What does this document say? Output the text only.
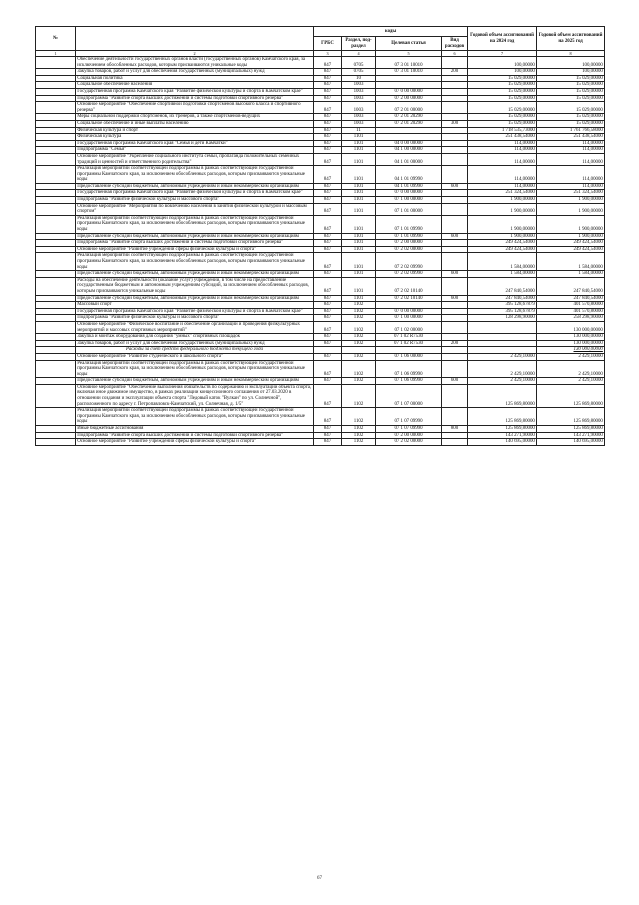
№		коды				Годовой объем ассигнований на 2024 год	Годовой объем ассигнований на 2025 год
		ГРБС	Раздел, под-раздел	Целевая статья	Вид расходов		
1	2	3	4	5	6	7	8
	Обеспечение деятельности государственных органов власти (государственных органов) Камчатского края, за исключением обособленных расходов, которым присваиваются уникальные коды	847	0705	07 3 01 10010		100,00000	100,00000
	Закупка товаров, работ и услуг для обеспечения государственных (муниципальных) нужд	847	0705	07 3 01 10010	200	100,00000	100,00000
	Социальная политика	847	10			15 029,00000	15 029,00000
	Социальное обеспечение населения	847	1003			15 029,00000	15 029,00000
	Государственная программа Камчатского края "Развитие физической культуры и спорта в Камчатском крае"	847	1003	07 0 00 00000		15 029,00000	15 029,00000
	Подпрограмма "Развитие спорта высших достижений и системы подготовки спортивного резерва"	847	1003	07 2 00 00000		15 029,00000	15 029,00000
	Основное мероприятие "Обеспечение спортивной подготовки спортсменов высокого класса и спортивного резерва"	847	1003	07 2 01 00000		15 029,00000	15 029,00000
	Меры социальной поддержки спортсменов, их тренеров, а также спортсменов-ведущих	847	1003	07 2 01 20290		15 029,00000	15 029,00000
	Социальное обеспечение и иные выплаты населению	847	1003	07 2 01 20290	300	15 029,00000	15 029,00000
	Физическая культура и спорт	847	11			1 718 535,73000	1 761 766,58000
	Физическая культура	847	1101			251 438,54000	251 438,54000
	Государственная программа Камчатского края "Семья и дети Камчатки"	847	1101	04 0 00 00000		114,00000	114,00000
	Подпрограмма "Семья"	847	1101	04 1 00 00000		114,00000	114,00000
	Основное мероприятие "Укрепление социального института семьи, пропаганда положительных семейных традиций и ценностей и ответственного родительства"	847	1101	04 1 01 00000		114,00000	114,00000
	Реализация мероприятий соответствующей подпрограммы в рамках соответствующей государственной программы Камчатского края, за исключением обособленных расходов, которым присваиваются уникальные коды	847	1101	04 1 01 09990		114,00000	114,00000
	Предоставление субсидий бюджетным, автономным учреждениям и иным некоммерческим организациям	847	1101	04 1 01 09990	600	114,00000	114,00000
	Государственная программа Камчатского края "Развитие физической культуры и спорта в Камчатском крае"	847	1101	07 0 00 00000		251 324,54000	251 324,54000
	Подпрограмма "Развитие физической культуры и массового спорта"	847	1101	07 1 00 00000		1 900,00000	1 900,00000
	Основное мероприятие "Мероприятия по вовлечению населения в занятия физической культурой и массовым спортом"	847	1101	07 1 01 00000		1 900,00000	1 900,00000
	Реализация мероприятий соответствующей подпрограммы в рамках соответствующей государственной программы Камчатского края, за исключением обособленных расходов, которым присваиваются уникальные коды	847	1101	07 1 01 09990		1 900,00000	1 900,00000
	Предоставление субсидий бюджетным, автономным учреждениям и иным некоммерческим организациям	847	1101	07 1 01 09990	600	1 900,00000	1 900,00000
	Подпрограмма "Развитие спорта высших достижений и системы подготовки спортивного резерва"	847	1101	07 2 00 00000		249 424,54000	249 424,54000
	Основное мероприятие "Развитие учреждений сферы физической культуры и спорта"	847	1101	07 2 02 00000		249 424,54000	249 424,54000
	Реализация мероприятий соответствующей подпрограммы в рамках соответствующей государственной программы Камчатского края, за исключением обособленных расходов, которым присваиваются уникальные коды	847	1101	07 2 02 09990		1 584,00000	1 584,00000
	Предоставление субсидий бюджетным, автономным учреждениям и иным некоммерческим организациям	847	1101	07 2 02 09990	600	1 584,00000	1 584,00000
	Расходы на обеспечение деятельности (оказание услуг) учреждений, в том числе на предоставление государственным бюджетным и автономным учреждениям субсидий, за исключением обособленных расходов, которым присваиваются уникальные коды	847	1101	07 2 02 10140		247 840,54000	247 840,54000
	Предоставление субсидий бюджетным, автономным учреждениям и иным некоммерческим организациям	847	1101	07 2 02 10140	600	247 840,54000	247 840,54000
	Массовый спорт	847	1102			395 128,67879	401 570,80000
	Государственная программа Камчатского края "Развитие физической культуры и спорта в Камчатском крае"	847	1102	07 0 00 00000		395 128,67879	401 570,80000
	Подпрограмма "Развитие физической культуры и массового спорта"	847	1102	07 1 00 00000		128 298,90000	258 298,90000
	Основное мероприятие "Физическое воспитание и обеспечение организации и проведения физкультурных мероприятий и массовых спортивных мероприятий"	847	1102	07 1 02 00000			130 000,00000
	Закупка и монтаж оборудования для создания "умных" спортивных площадок	847	1102	07 1 02 R7530			130 000,00000
	Закупка товаров, работ и услуг для обеспечения государственных (муниципальных) нужд	847	1102	07 1 02 R7530	200		130 000,00000
	Расходы за счет средств федерального бюджета текущего года						130 000,00000
	Основное мероприятие "Развитие студенческого и школьного спорта"	847	1102	07 1 06 00000		2 429,10000	2 429,10000
	Реализация мероприятий соответствующей подпрограммы в рамках соответствующей государственной программы Камчатского края, за исключением обособленных расходов, которым присваиваются уникальные коды	847	1102	07 1 06 09990		2 429,10000	2 429,10000
	Предоставление субсидий бюджетным, автономным учреждениям и иным некоммерческим организациям	847	1102	07 1 06 09990	600	2 429,10000	2 429,10000
	Основное мероприятие "Обеспечение выполнения обязательств по содержанию и эксплуатации объекта спорта, включая иное движимое имущество, в рамках реализации концессионного соглашения от 27.03.2020 в отношении создания и эксплуатации объекта спорта "Ледовый каток "Вулкан" по ул. Солнечной", расположенного по адресу г. Петропавловск-Камчатский, ул. Солнечная, д. 1/5"	847	1102	07 1 07 00000		125 869,80000	125 869,80000
	Реализация мероприятий соответствующей подпрограммы в рамках соответствующей государственной программы Камчатского края, за исключением обособленных расходов, которым присваиваются уникальные коды	847	1102	07 1 07 09990		125 869,80000	125 869,80000
	Иные бюджетные ассигнования	847	1102	07 1 07 09990	800	125 869,80000	125 869,80000
	Подпрограмма "Развитие спорта высших достижений и системы подготовки спортивного резерва"	847	1102	07 2 00 00000		143 271,90000	143 271,90000
	Основное мероприятие "Развитие учреждений сферы физической культуры и спорта"	847	1102	07 2 02 00000		140 695,00000	140 695,00000
67
